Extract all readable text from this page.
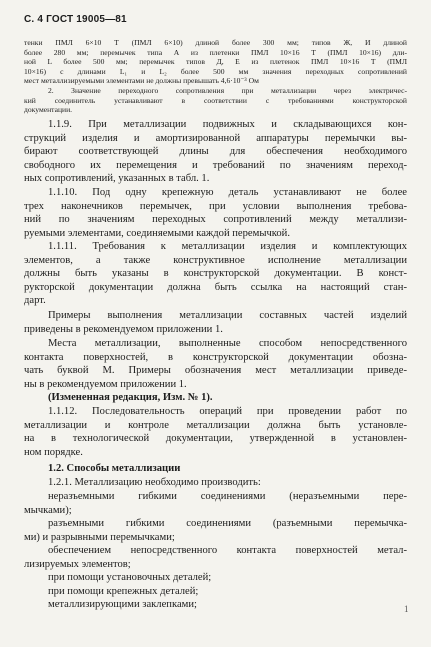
С. 4 ГОСТ 19005—81
тенки ПМЛ 6×10 Т (ПМЛ 6×10) длиной более 300 мм; типов Ж, И длиной
более 280 мм; перемычек типа А из плетенки ПМЛ 10×16 Т (ПМЛ 10×16) дли-
ной L более 500 мм; перемычек типов Д, Е из плетенок ПМЛ 10×16 Т (ПМЛ
10×16) с длинами L₁ и L₂ более 500 мм значения переходных сопротивлений
мест металлизируемыми элементами не должны превышать 4,6·10⁻³ Ом
2. Значение переходного сопротивления при металлизации через электричес-
кий соединитель устанавливают в соответствии с требованиями конструкторской
документации.
1.1.9. При металлизации подвижных и складывающихся кон-
струкций изделия и амортизированной аппаратуры перемычки вы-
бирают соответствующей длины для обеспечения необходимого
свободного их перемещения и требований по значениям переход-
ных сопротивлений, указанных в табл. 1.
1.1.10. Под одну крепежную деталь устанавливают не более
трех наконечников перемычек, при условии выполнения требова-
ний по значениям переходных сопротивлений между металлизи-
руемыми элементами, соединяемыми каждой перемычкой.
1.1.11. Требования к металлизации изделия и комплектующих
элементов, а также конструктивное исполнение металлизации
должны быть указаны в конструкторской документации. В конст-
рукторской документации должна быть ссылка на настоящий стан-
дарт.
Примеры выполнения металлизации составных частей изделий
приведены в рекомендуемом приложении 1.
Места металлизации, выполненные способом непосредственного
контакта поверхностей, в конструкторской документации обозна-
чать буквой М. Примеры обозначения мест металлизации приведе-
ны в рекомендуемом приложении 1.
(Измененная редакция, Изм. № 1).
1.1.12. Последовательность операций при проведении работ по
металлизации и контроле металлизации должна быть установле-
на в технологической документации, утвержденной в установлен-
ном порядке.
1.2. Способы металлизации
1.2.1. Металлизацию необходимо производить:
неразъемными гибкими соединениями (неразъемными пере-
мычками);
разъемными гибкими соединениями (разъемными перемычка-
ми) и разрывными перемычками;
обеспечением непосредственного контакта поверхностей метал-
лизируемых элементов;
при помощи установочных деталей;
при помощи крепежных деталей;
металлизирующими заклепками;	1
